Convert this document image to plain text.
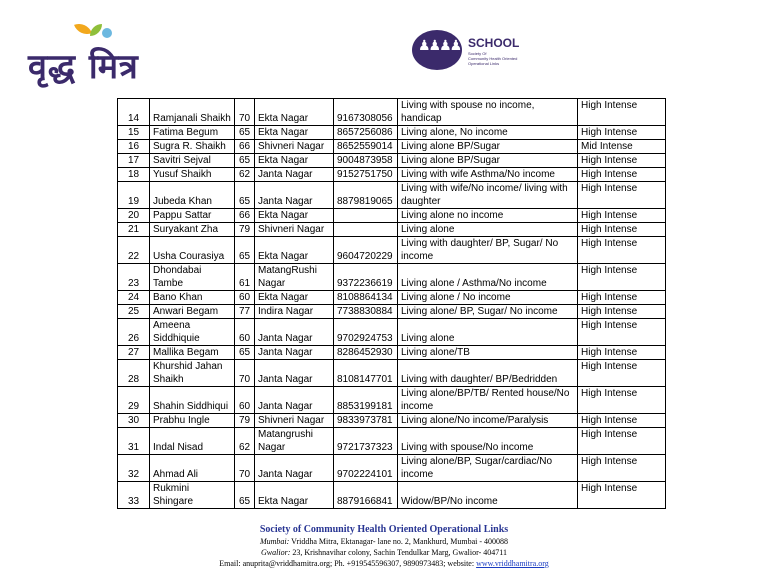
वृद्ध मित्र
♟♟♟♟♟
SCHOOL
Society Of
Community Health Oriented
Operational Links
14	Ramjanali Shaikh	70	Ekta Nagar	9167308056	Living with spouse no income, handicap	High Intense
15	Fatima Begum	65	Ekta Nagar	8657256086	Living alone, No income	High Intense
16	Sugra R. Shaikh	66	Shivneri Nagar	8652559014	Living alone BP/Sugar	Mid Intense
17	Savitri Sejval	65	Ekta Nagar	9004873958	Living alone BP/Sugar	High Intense
18	Yusuf Shaikh	62	Janta Nagar	9152751750	Living with wife Asthma/No income	High Intense
19	Jubeda Khan	65	Janta Nagar	8879819065	Living with wife/No income/ living with daughter	High Intense
20	Pappu Sattar	66	Ekta Nagar		Living alone no income	High Intense
21	Suryakant Zha	79	Shivneri Nagar		Living alone	High Intense
22	Usha Courasiya	65	Ekta Nagar	9604720229	Living with daughter/ BP, Sugar/ No income	High Intense
23	Dhondabai Tambe	61	MatangRushi Nagar	9372236619	Living alone / Asthma/No income	High Intense
24	Bano Khan	60	Ekta Nagar	8108864134	Living alone / No income	High Intense
25	Anwari Begam	77	Indira Nagar	7738830884	Living alone/ BP, Sugar/ No income	High Intense
26	Ameena Siddhiquie	60	Janta Nagar	9702924753	Living alone	High Intense
27	Mallika Begam	65	Janta Nagar	8286452930	Living alone/TB	High Intense
28	Khurshid Jahan Shaikh	70	Janta Nagar	8108147701	Living with daughter/ BP/Bedridden	High Intense
29	Shahin Siddhiqui	60	Janta Nagar	8853199181	Living alone/BP/TB/ Rented house/No income	High Intense
30	Prabhu Ingle	79	Shivneri Nagar	9833973781	Living alone/No income/Paralysis	High Intense
31	Indal Nisad	62	Matangrushi Nagar	9721737323	Living with spouse/No income	High Intense
32	Ahmad Ali	70	Janta Nagar	9702224101	Living alone/BP, Sugar/cardiac/No income	High Intense
33	Rukmini Shingare	65	Ekta Nagar	8879166841	Widow/BP/No income	High Intense
Society of Community Health Oriented Operational Links
Mumbai: Vriddha Mitra, Ektanagar- lane no. 2, Mankhurd, Mumbai - 400088
Gwalior: 23, Krishnavihar colony, Sachin Tendulkar Marg, Gwalior- 404711
Email: anuprita@vriddhamitra.org; Ph. +919545596307, 9890973483; website: www.vriddhamitra.org
